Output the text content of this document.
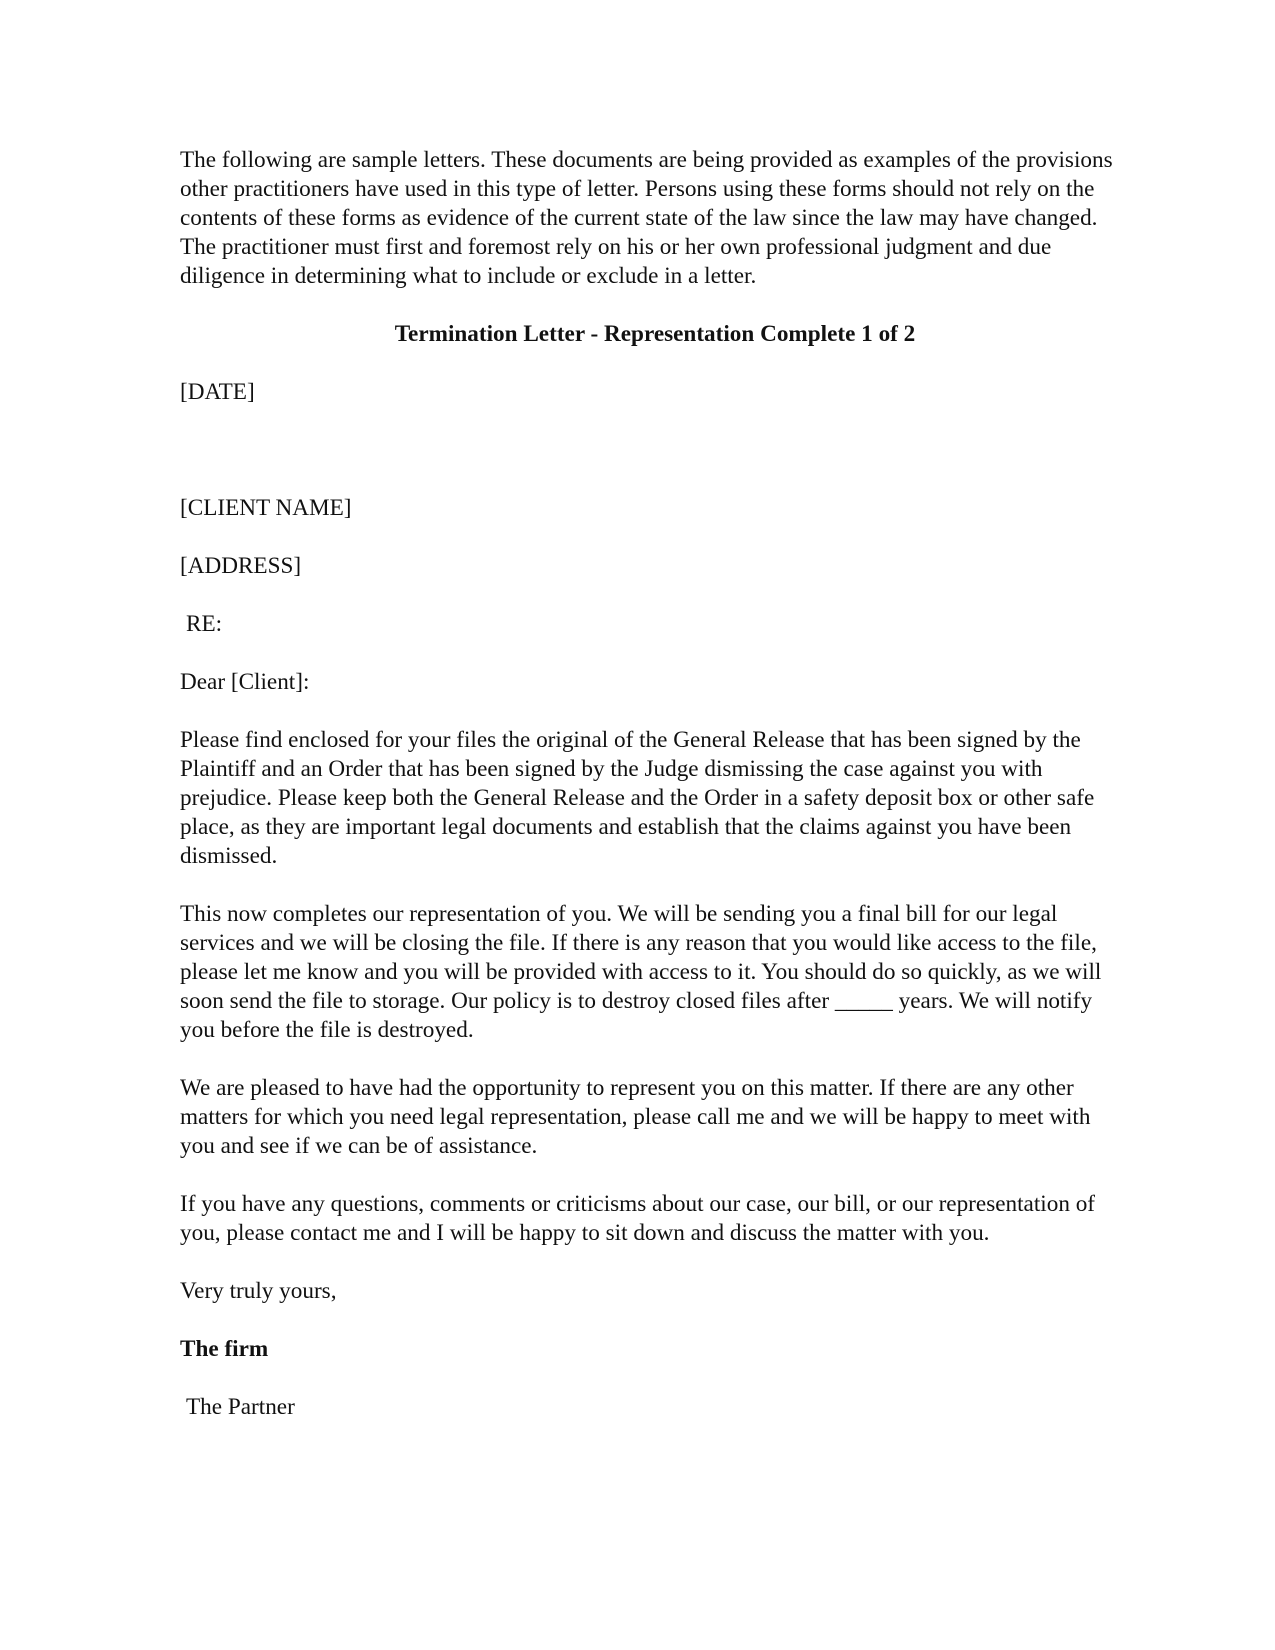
The following are sample letters. These documents are being provided as examples of the provisions other practitioners have used in this type of letter. Persons using these forms should not rely on the contents of these forms as evidence of the current state of the law since the law may have changed. The practitioner must first and foremost rely on his or her own professional judgment and due diligence in determining what to include or exclude in a letter.

Termination Letter - Representation Complete 1 of 2

[DATE]

[CLIENT NAME]

[ADDRESS]

RE:

Dear [Client]:

Please find enclosed for your files the original of the General Release that has been signed by the Plaintiff and an Order that has been signed by the Judge dismissing the case against you with prejudice. Please keep both the General Release and the Order in a safety deposit box or other safe place, as they are important legal documents and establish that the claims against you have been dismissed.

This now completes our representation of you. We will be sending you a final bill for our legal services and we will be closing the file. If there is any reason that you would like access to the file, please let me know and you will be provided with access to it. You should do so quickly, as we will soon send the file to storage. Our policy is to destroy closed files after _____ years. We will notify you before the file is destroyed.

We are pleased to have had the opportunity to represent you on this matter. If there are any other matters for which you need legal representation, please call me and we will be happy to meet with you and see if we can be of assistance.

If you have any questions, comments or criticisms about our case, our bill, or our representation of you, please contact me and I will be happy to sit down and discuss the matter with you.

Very truly yours,

The firm

The Partner
